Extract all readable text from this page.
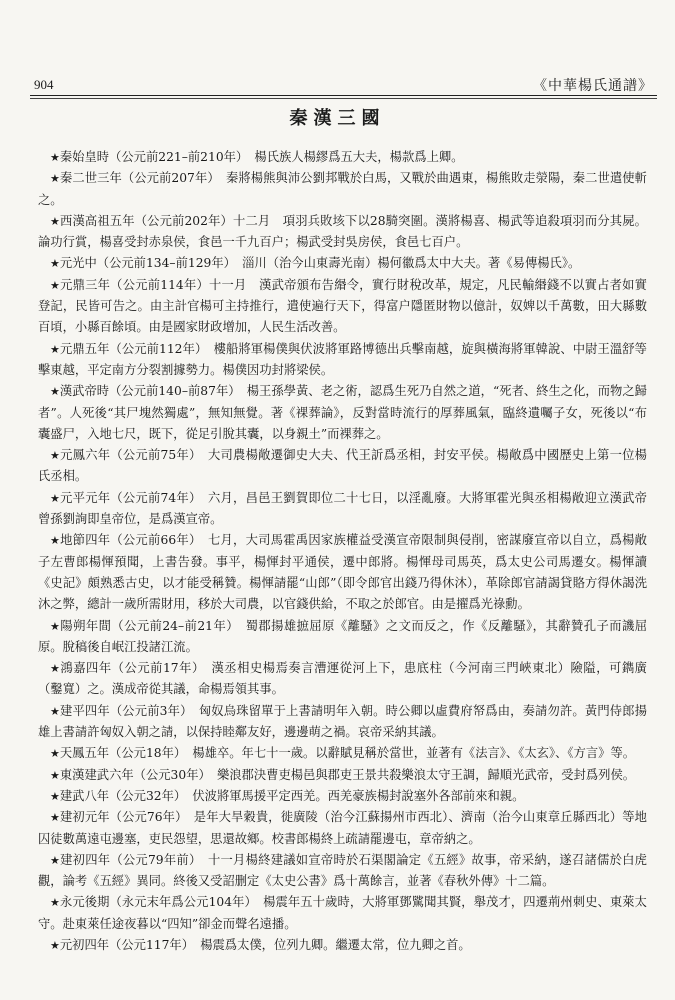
904	《中華楊氏通譜》
秦漢三國

★秦始皇時（公元前221–前210年）　 楊氏族人楊繆爲五大夫，楊款爲上卿。

★秦二世三年（公元前207年）　 秦將楊熊與沛公劉邦戰於白馬，又戰於曲遇東，楊熊敗走滎陽，秦二世遣使斬之。

★西漢高祖五年（公元前202年）十二月　 項羽兵敗垓下以28騎突圍。漢將楊喜、楊武等追殺項羽而分其屍。論功行賞，楊喜受封赤泉侯，食邑一千九百户；楊武受封吳房侯，食邑七百户。

★元光中（公元前134–前129年）　 淄川（治今山東壽光南）楊何徽爲太中大夫。著《易傳楊氏》。

★元鼎三年（公元前114年）十一月　 漢武帝頒布告緡令，實行財稅改革，規定，凡民輸緡錢不以實占者如實登記，民皆可告之。由主計官楊可主持推行，遣使遍行天下，得富户隱匿財物以億計，奴婢以千萬數，田大縣數百頃，小縣百餘頃。由是國家財政增加，人民生活改善。

★元鼎五年（公元前112年）　 樓船將軍楊僕與伏波將軍路博德出兵擊南越，旋與橫海將軍韓說、中尉王溫舒等擊東越，平定南方分裂割據勢力。楊僕因功封將梁侯。

★漢武帝時（公元前140–前87年）　 楊王孫學黃、老之術，認爲生死乃自然之道，“死者、終生之化，而物之歸者”。人死後“其尸塊然獨處”，無知無覺。著《裸葬論》，反對當時流行的厚葬風氣，臨終遺囑子女，死後以“布囊盛尸，入地七尺，既下，從足引脫其囊，以身親土”而裸葬之。

★元鳳六年（公元前75年）　 大司農楊敞遷御史大夫、代王訢爲丞相，封安平侯。楊敞爲中國歷史上第一位楊氏丞相。

★元平元年（公元前74年）　 六月，昌邑王劉賀即位二十七日，以淫亂廢。大將軍霍光與丞相楊敞迎立漢武帝曾孫劉詢即皇帝位，是爲漢宣帝。

★地節四年（公元前66年）　 七月，大司馬霍禹因家族權益受漢宣帝限制與侵削，密謀廢宣帝以自立，爲楊敞子左曹郎楊惲預聞，上書告發。事平，楊惲封平通侯，遷中郎將。楊惲母司馬英，爲太史公司馬遷女。楊惲讀《史記》頗熟悉古史，以才能受稱贊。楊惲請罷“山郎”（即令郎官出錢乃得休沐），革除郎官請謁貸賂方得休謁洗沐之弊，總計一歲所需財用，移於大司農，以官錢供給，不取之於郎官。由是擢爲光祿勳。

★陽朔年間（公元前24–前21年）　 蜀郡揚雄摭屈原《離騷》之文而反之，作《反離騷》，其辭贊孔子而譏屈原。脫稿後自岷江投諸江流。

★鴻嘉四年（公元前17年）　 漢丞相史楊焉奏言漕運從河上下，患底柱（今河南三門峽東北）險隘，可鐫廣（鑿寬）之。漢成帝從其議，命楊焉領其事。

★建平四年（公元前3年）　 匈奴烏珠留單于上書請明年入朝。時公卿以虛費府帑爲由，奏請勿許。黃門侍郎揚雄上書請許匈奴入朝之請，以保持睦鄰友好，邊邊萌之禍。哀帝采納其議。

★天鳳五年（公元18年）　 楊雄卒。年七十一歲。以辭賦見稱於當世，並著有《法言》、《太玄》、《方言》等。

★東漢建武六年（公元30年）　 樂浪郡決曹吏楊邑與郡吏王景共殺樂浪太守王調，歸順光武帝，受封爲列侯。

★建武八年（公元32年）　 伏波將軍馬援平定西羌。西羌豪族楊封說塞外各部前來和親。

★建初元年（公元76年）　 是年大旱穀貴，徙廣陵（治今江蘇揚州市西北）、濟南（治今山東章丘縣西北）等地囚徒數萬遠屯邊塞，吏民怨望，思還故鄉。校書郎楊終上疏請罷邊屯，章帝納之。

★建初四年（公元79年前）　 十一月楊終建議如宣帝時於石渠閣論定《五經》故事，帝采納，遂召諸儒於白虎觀，論考《五經》異同。終後又受詔删定《太史公書》爲十萬餘言，並著《春秋外傳》十二篇。

★永元後期（永元末年爲公元104年）　 楊震年五十歲時，大將軍鄧騭聞其賢，舉茂才，四遷荊州刺史、東萊太守。赴東萊任途夜暮以“四知”卻金而聲名遠播。

★元初四年（公元117年）　 楊震爲太僕，位列九卿。繼遷太常，位九卿之首。
